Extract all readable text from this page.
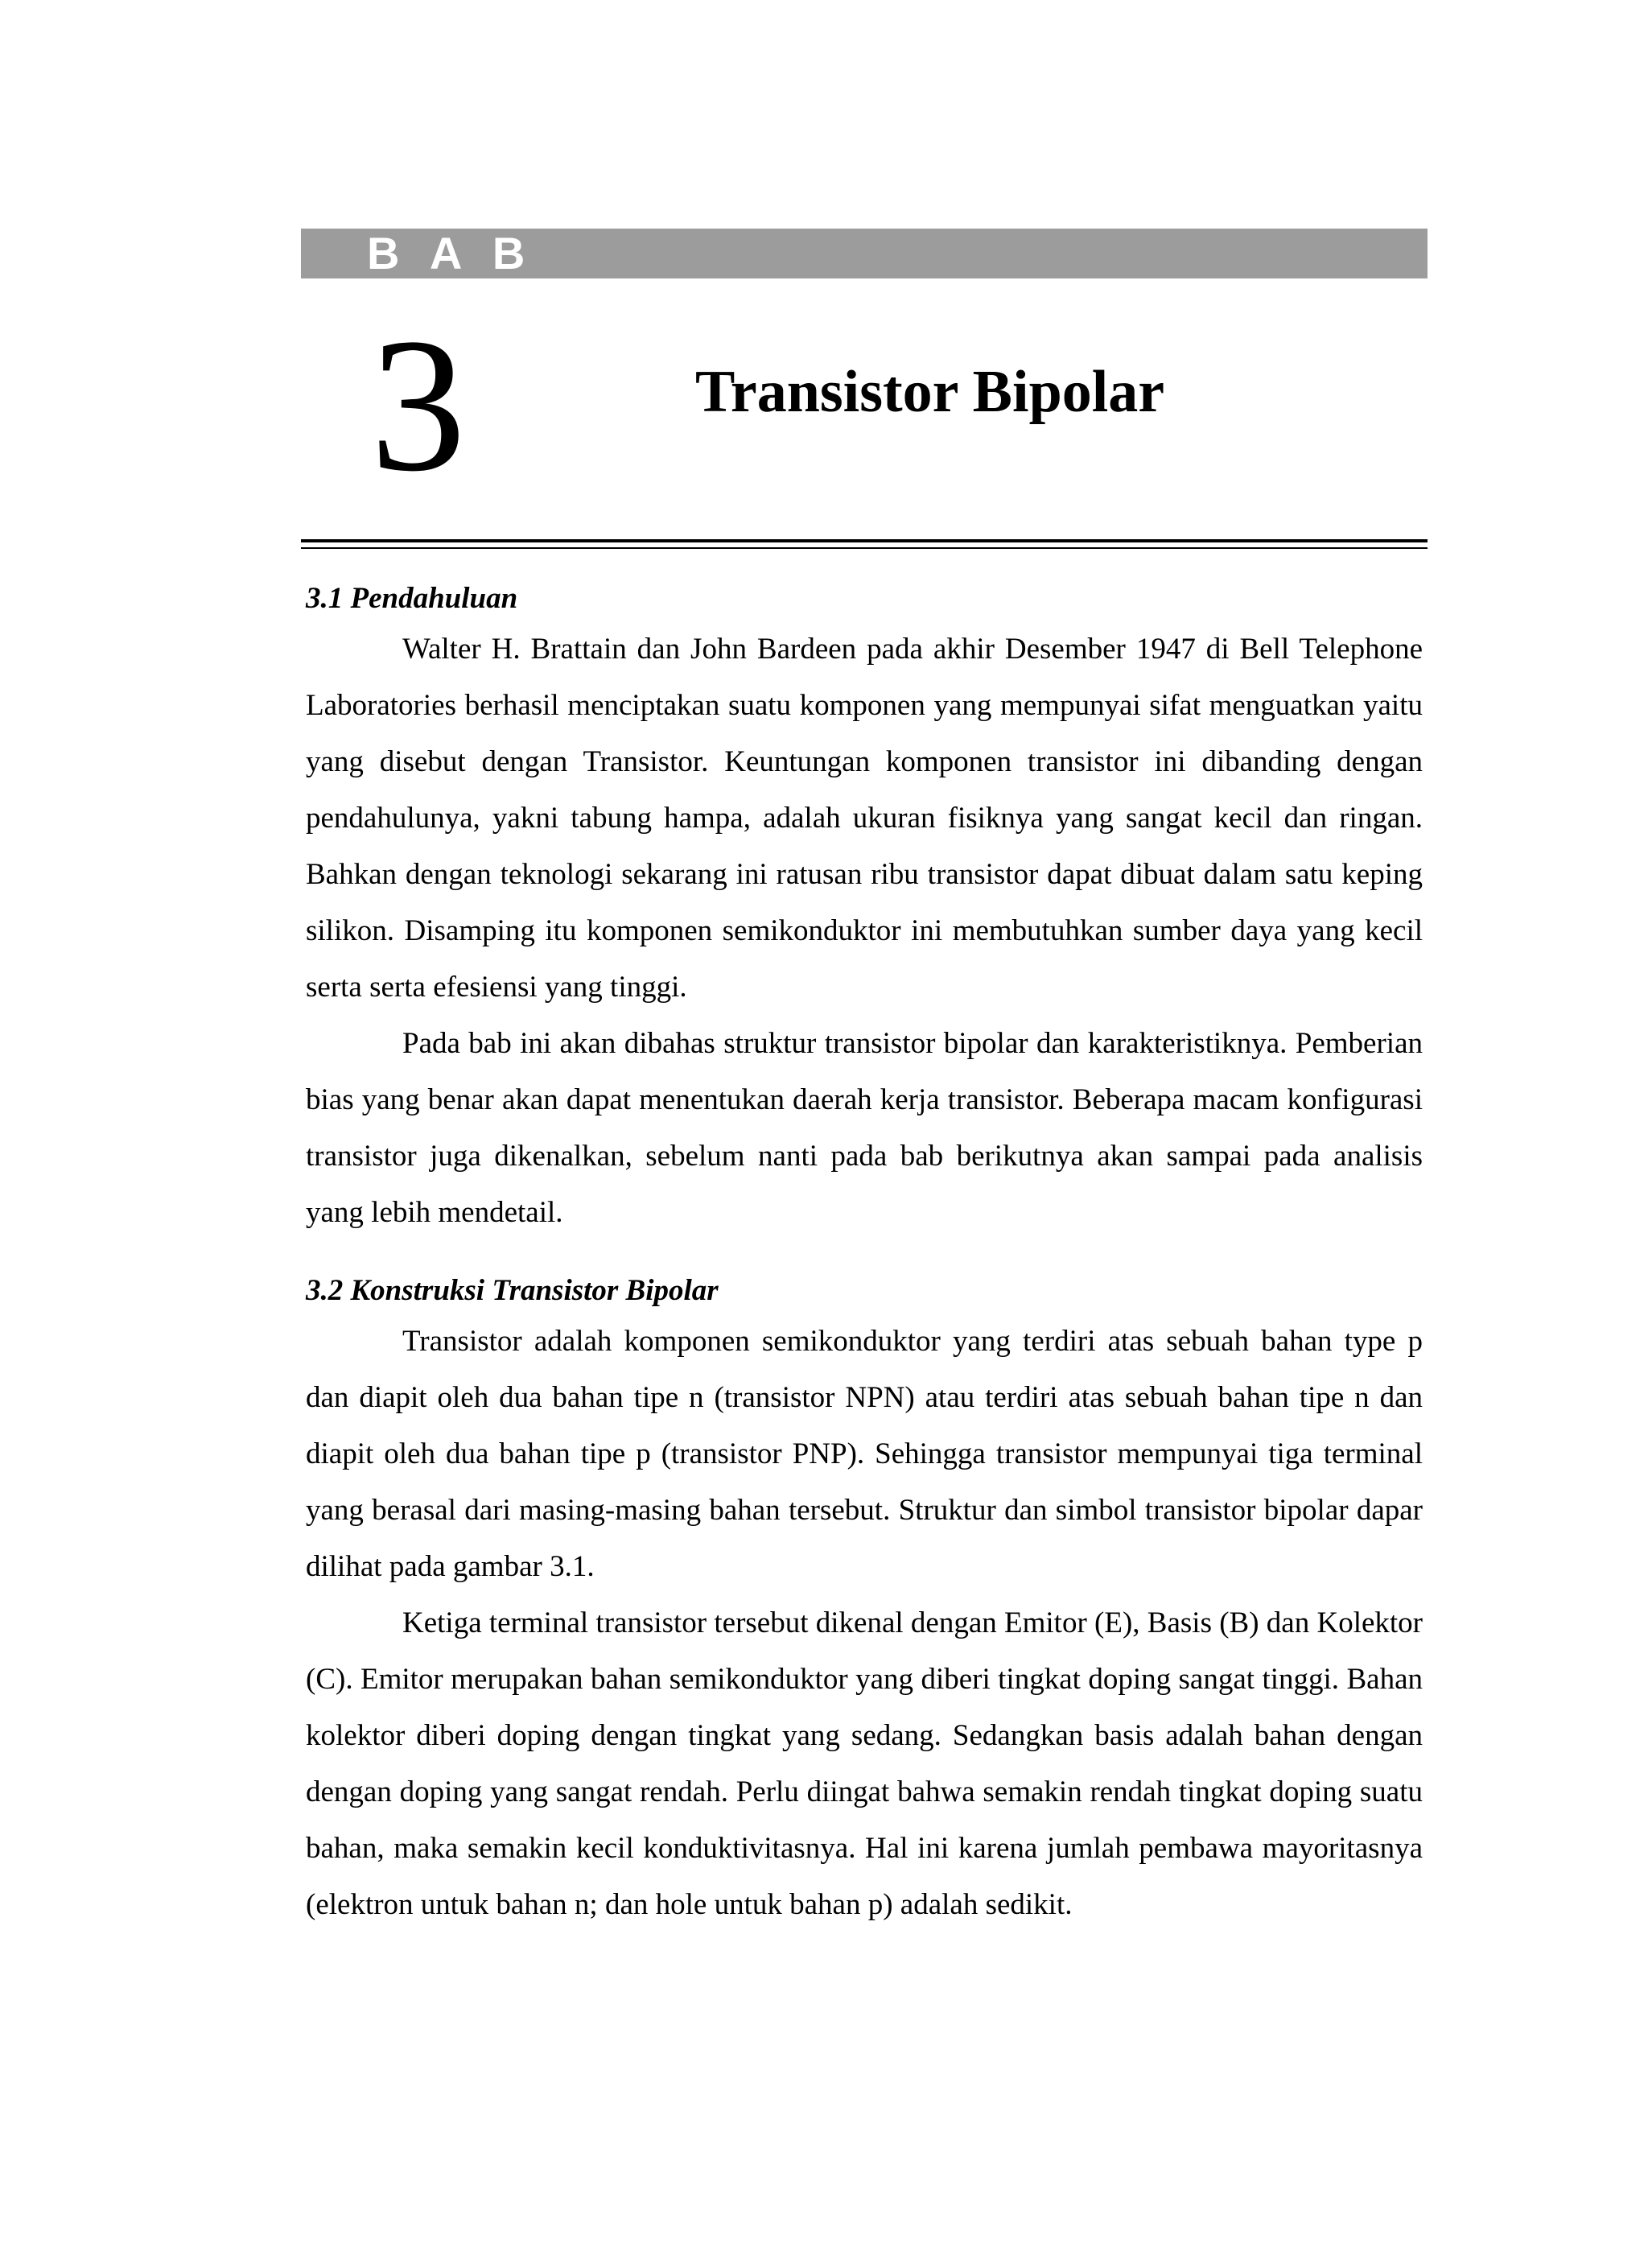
B A B
3	Transistor Bipolar
3.1 Pendahuluan

Walter H. Brattain dan John Bardeen pada akhir Desember 1947 di Bell Telephone Laboratories berhasil menciptakan suatu komponen yang mempunyai sifat menguatkan yaitu yang disebut dengan Transistor. Keuntungan komponen transistor ini dibanding dengan pendahulunya, yakni tabung hampa, adalah ukuran fisiknya yang sangat kecil dan ringan. Bahkan dengan teknologi sekarang ini ratusan ribu transistor dapat dibuat dalam satu keping silikon. Disamping itu komponen semikonduktor ini membutuhkan sumber daya yang kecil serta serta efesiensi yang tinggi.

Pada bab ini akan dibahas struktur transistor bipolar dan karakteristiknya. Pemberian bias yang benar akan dapat menentukan daerah kerja transistor. Beberapa macam konfigurasi transistor juga dikenalkan, sebelum nanti pada bab berikutnya akan sampai pada analisis yang lebih mendetail.

3.2 Konstruksi Transistor Bipolar

Transistor adalah komponen semikonduktor yang terdiri atas sebuah bahan type p dan diapit oleh dua bahan tipe n (transistor NPN) atau terdiri atas sebuah bahan tipe n dan diapit oleh dua bahan tipe p (transistor PNP). Sehingga transistor mempunyai tiga terminal yang berasal dari masing-masing bahan tersebut. Struktur dan simbol transistor bipolar dapar dilihat pada gambar 3.1.

Ketiga terminal transistor tersebut dikenal dengan Emitor (E), Basis (B) dan Kolektor (C). Emitor merupakan bahan semikonduktor yang diberi tingkat doping sangat tinggi. Bahan kolektor diberi doping dengan tingkat yang sedang. Sedangkan basis adalah bahan dengan dengan doping yang sangat rendah. Perlu diingat bahwa semakin rendah tingkat doping suatu bahan, maka semakin kecil konduktivitasnya. Hal ini karena jumlah pembawa mayoritasnya (elektron untuk bahan n; dan hole untuk bahan p) adalah sedikit.
